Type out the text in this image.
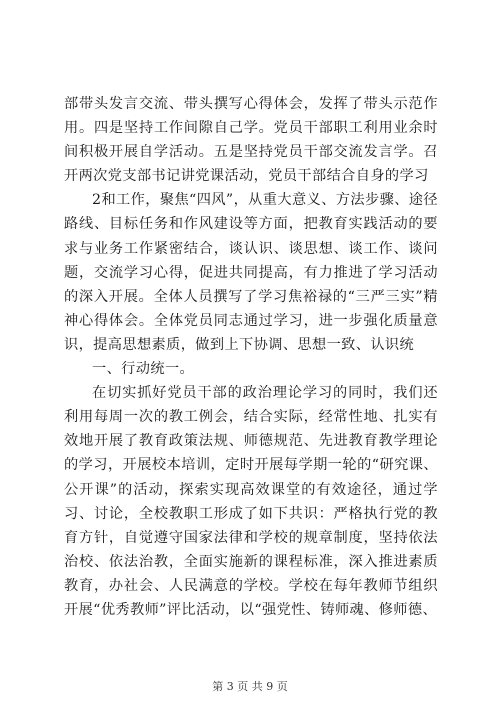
部带头发言交流、带头撰写心得体会，发挥了带头示范作用。四是坚持工作间隙自己学。党员干部职工利用业余时间积极开展自学活动。五是坚持党员干部交流发言学。召开两次党支部书记讲党课活动，党员干部结合自身的学习

2和工作，聚焦“四风”，从重大意义、方法步骤、途径路线、目标任务和作风建设等方面，把教育实践活动的要求与业务工作紧密结合，谈认识、谈思想、谈工作、谈问题，交流学习心得，促进共同提高，有力推进了学习活动的深入开展。全体人员撰写了学习焦裕禄的“三严三实”精神心得体会。全体党员同志通过学习，进一步强化质量意识，提高思想素质，做到上下协调、思想一致、认识统

一、行动统一。

在切实抓好党员干部的政治理论学习的同时，我们还利用每周一次的教工例会，结合实际，经常性地、扎实有效地开展了教育政策法规、师德规范、先进教育教学理论的学习，开展校本培训，定时开展每学期一轮的“研究课、公开课”的活动，探索实现高效课堂的有效途径，通过学习、讨论，全校教职工形成了如下共识：严格执行党的教育方针，自觉遵守国家法律和学校的规章制度，坚持依法治校、依法治教，全面实施新的课程标准，深入推进素质教育，办社会、人民满意的学校。学校在每年教师节组织开展“优秀教师”评比活动，以“强党性、铸师魂、修师德、

第 3 页 共 9 页
